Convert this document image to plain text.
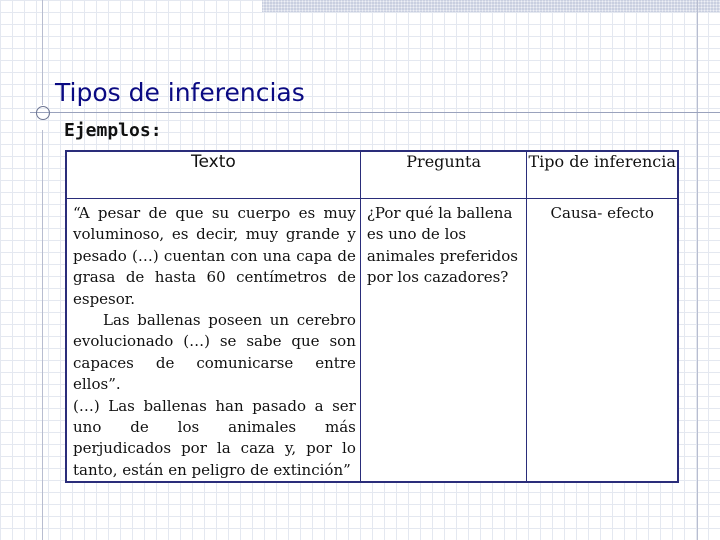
Tipos de inferencias
Ejemplos:
Texto	Pregunta	Tipo de inferencia

“A pesar de que su cuerpo es muy voluminoso, es decir, muy grande y pesado (…) cuentan con una capa de grasa de hasta 60 centímetros de espesor.

Las ballenas poseen un cerebro evolucionado (…) se sabe que son capaces de comunicarse entre ellos”.

(…) Las ballenas han pasado a ser uno de los animales más perjudicados por la caza y, por lo tanto, están en peligro de extinción”	¿Por qué la ballena es uno de los animales preferidos por los cazadores?	Causa- efecto
